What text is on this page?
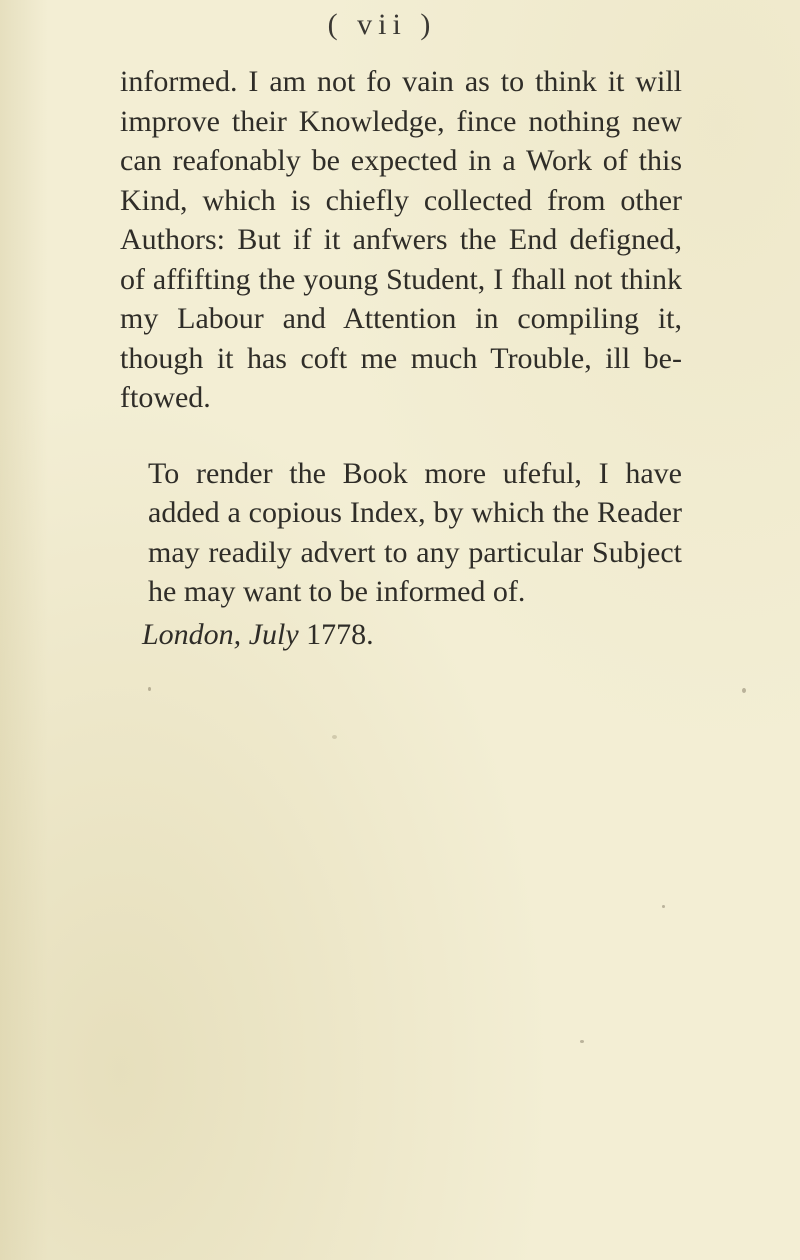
( vii )

informed. I am not fo vain as to think it will
improve their Knowledge, fince nothing new
can reafonably be expected in a Work of this
Kind, which is chiefly collected from other
Authors: But if it anfwers the End defigned,
of affifting the young Student, I fhall not think
my Labour and Attention in compiling it,
though it has coft me much Trouble, ill be-
ftowed.

To render the Book more ufeful, I have
added a copious Index, by which the Reader
may readily advert to any particular Subject
he may want to be informed of.

London, July 1778.
